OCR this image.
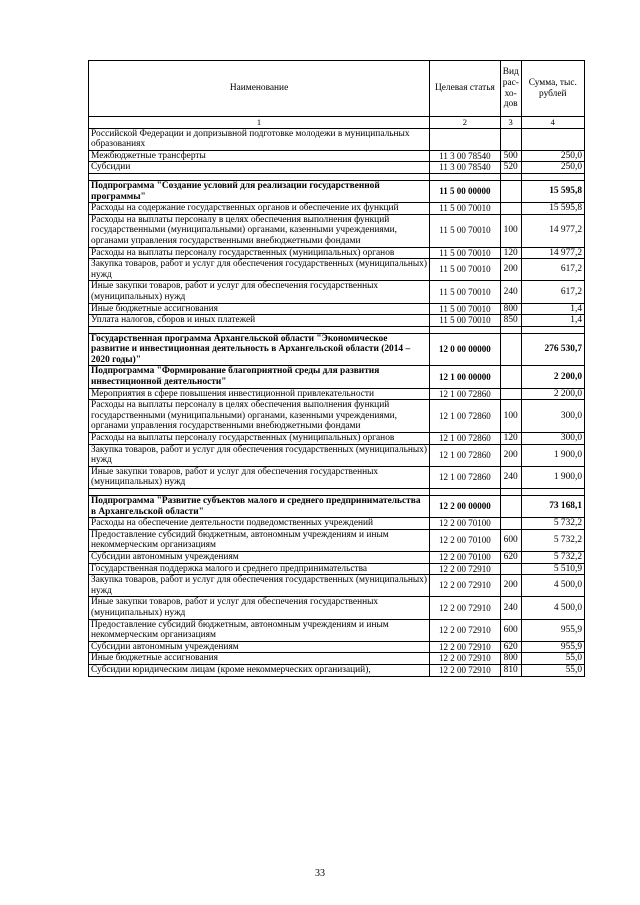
Наименование	Целевая статья	Вид рас- хо- дов	Сумма, тыс. рублей
1	2	3	4
Российской Федерации и допризывной подготовке молодежи в муниципальных образованиях			
Межбюджетные трансферты	11 3 00 78540	500	250,0
Субсидии	11 3 00 78540	520	250,0

Подпрограмма "Создание условий для реализации государственной программы"	11 5 00 00000		15 595,8
Расходы на содержание государственных органов и обеспечение их функций	11 5 00 70010		15 595,8
Расходы на выплаты персоналу в целях обеспечения выполнения функций государственными (муниципальными) органами, казенными учреждениями, органами управления государственными внебюджетными фондами	11 5 00 70010	100	14 977,2
Расходы на выплаты персоналу государственных (муниципальных) органов	11 5 00 70010	120	14 977,2
Закупка товаров, работ и услуг для обеспечения государственных (муниципальных) нужд	11 5 00 70010	200	617,2
Иные закупки товаров, работ и услуг для обеспечения государственных (муниципальных) нужд	11 5 00 70010	240	617,2
Иные бюджетные ассигнования	11 5 00 70010	800	1,4
Уплата налогов, сборов и иных платежей	11 5 00 70010	850	1,4

Государственная программа Архангельской области "Экономическое развитие и инвестиционная деятельность в Архангельской области (2014 – 2020 годы)"	12 0 00 00000		276 530,7
Подпрограмма "Формирование благоприятной среды для развития инвестиционной деятельности"	12 1 00 00000		2 200,0
Мероприятия в сфере повышения инвестиционной привлекательности	12 1 00 72860		2 200,0
Расходы на выплаты персоналу в целях обеспечения выполнения функций государственными (муниципальными) органами, казенными учреждениями, органами управления государственными внебюджетными фондами	12 1 00 72860	100	300,0
Расходы на выплаты персоналу государственных (муниципальных) органов	12 1 00 72860	120	300,0
Закупка товаров, работ и услуг для обеспечения государственных (муниципальных) нужд	12 1 00 72860	200	1 900,0
Иные закупки товаров, работ и услуг для обеспечения государственных (муниципальных) нужд	12 1 00 72860	240	1 900,0

Подпрограмма "Развитие субъектов малого и среднего предпринимательства в Архангельской области"	12 2 00 00000		73 168,1
Расходы на обеспечение деятельности подведомственных учреждений	12 2 00 70100		5 732,2
Предоставление субсидий бюджетным, автономным учреждениям и иным некоммерческим организациям	12 2 00 70100	600	5 732,2
Субсидии автономным учреждениям	12 2 00 70100	620	5 732,2
Государственная поддержка малого и среднего предпринимательства	12 2 00 72910		5 510,9
Закупка товаров, работ и услуг для обеспечения государственных (муниципальных) нужд	12 2 00 72910	200	4 500,0
Иные закупки товаров, работ и услуг для обеспечения государственных (муниципальных) нужд	12 2 00 72910	240	4 500,0
Предоставление субсидий бюджетным, автономным учреждениям и иным некоммерческим организациям	12 2 00 72910	600	955,9
Субсидии автономным учреждениям	12 2 00 72910	620	955,9
Иные бюджетные ассигнования	12 2 00 72910	800	55,0
Субсидии юридическим лицам (кроме некоммерческих организаций),	12 2 00 72910	810	55,0
33
